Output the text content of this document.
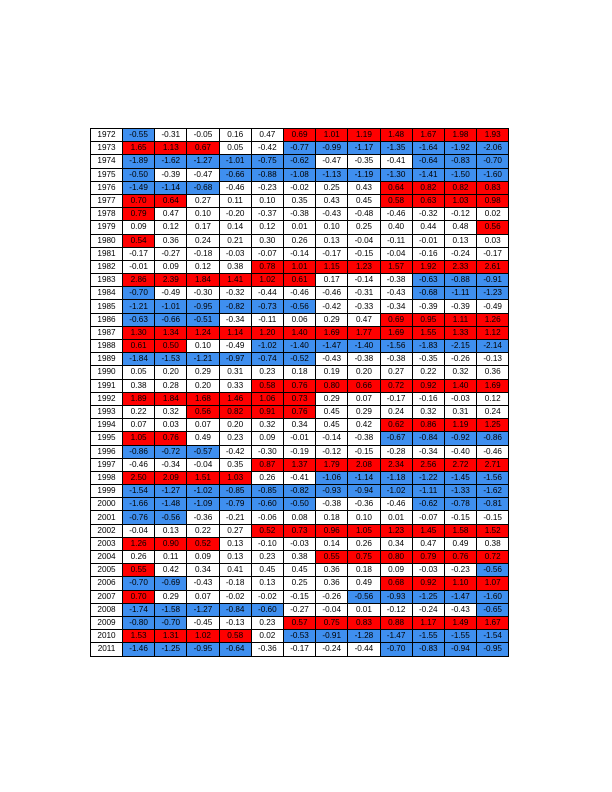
1972	-0.55	-0.31	-0.05	0.16	0.47	0.69	1.01	1.19	1.48	1.67	1.98	1.93
1973	1.65	1.13	0.67	0.05	-0.42	-0.77	-0.99	-1.17	-1.35	-1.64	-1.92	-2.06
1974	-1.89	-1.62	-1.27	-1.01	-0.75	-0.62	-0.47	-0.35	-0.41	-0.64	-0.83	-0.70
1975	-0.50	-0.39	-0.47	-0.66	-0.88	-1.08	-1.13	-1.19	-1.30	-1.41	-1.50	-1.60
1976	-1.49	-1.14	-0.68	-0.46	-0.23	-0.02	0.25	0.43	0.64	0.82	0.82	0.83
1977	0.70	0.64	0.27	0.11	0.10	0.35	0.43	0.45	0.58	0.63	1.03	0.98
1978	0.79	0.47	0.10	-0.20	-0.37	-0.38	-0.43	-0.48	-0.46	-0.32	-0.12	0.02
1979	0.09	0.12	0.17	0.14	0.12	0.01	0.10	0.25	0.40	0.44	0.48	0.56
1980	0.54	0.36	0.24	0.21	0.30	0.26	0.13	-0.04	-0.11	-0.01	0.13	0.03
1981	-0.17	-0.27	-0.18	-0.03	-0.07	-0.14	-0.17	-0.15	-0.04	-0.16	-0.24	-0.17
1982	-0.01	0.09	0.12	0.38	0.78	1.01	1.15	1.23	1.57	1.92	2.33	2.61
1983	2.86	2.39	1.84	1.41	1.02	0.61	0.17	-0.14	-0.38	-0.63	-0.88	-0.91
1984	-0.70	-0.49	-0.30	-0.32	-0.44	-0.46	-0.46	-0.31	-0.43	-0.68	-1.11	-1.23
1985	-1.21	-1.01	-0.95	-0.82	-0.73	-0.56	-0.42	-0.33	-0.34	-0.39	-0.39	-0.49
1986	-0.63	-0.66	-0.51	-0.34	-0.11	0.06	0.29	0.47	0.69	0.95	1.11	1.26
1987	1.30	1.34	1.24	1.14	1.20	1.40	1.69	1.77	1.69	1.55	1.33	1.12
1988	0.61	0.50	0.10	-0.49	-1.02	-1.40	-1.47	-1.40	-1.56	-1.83	-2.15	-2.14
1989	-1.84	-1.53	-1.21	-0.97	-0.74	-0.52	-0.43	-0.38	-0.38	-0.35	-0.26	-0.13
1990	0.05	0.20	0.29	0.31	0.23	0.18	0.19	0.20	0.27	0.22	0.32	0.36
1991	0.38	0.28	0.20	0.33	0.58	0.76	0.80	0.66	0.72	0.92	1.40	1.69
1992	1.89	1.84	1.68	1.46	1.06	0.73	0.29	0.07	-0.17	-0.16	-0.03	0.12
1993	0.22	0.32	0.56	0.82	0.91	0.76	0.45	0.29	0.24	0.32	0.31	0.24
1994	0.07	0.03	0.07	0.20	0.32	0.34	0.45	0.42	0.62	0.86	1.19	1.25
1995	1.05	0.76	0.49	0.23	0.09	-0.01	-0.14	-0.38	-0.67	-0.84	-0.92	-0.86
1996	-0.86	-0.72	-0.57	-0.42	-0.30	-0.19	-0.12	-0.15	-0.28	-0.34	-0.40	-0.46
1997	-0.46	-0.34	-0.04	0.35	0.87	1.37	1.79	2.08	2.34	2.56	2.72	2.71
1998	2.50	2.09	1.51	1.03	0.26	-0.41	-1.06	-1.14	-1.18	-1.22	-1.45	-1.56
1999	-1.54	-1.27	-1.02	-0.85	-0.85	-0.82	-0.93	-0.94	-1.02	-1.11	-1.33	-1.62
2000	-1.66	-1.48	-1.09	-0.79	-0.60	-0.50	-0.38	-0.36	-0.46	-0.62	-0.78	-0.81
2001	-0.76	-0.56	-0.36	-0.21	-0.06	0.08	0.18	0.10	0.01	-0.07	-0.15	-0.15
2002	-0.04	0.13	0.22	0.27	0.52	0.73	0.96	1.05	1.23	1.45	1.58	1.52
2003	1.26	0.90	0.52	0.13	-0.10	-0.03	0.14	0.26	0.34	0.47	0.49	0.38
2004	0.26	0.11	0.09	0.13	0.23	0.38	0.55	0.75	0.80	0.79	0.76	0.72
2005	0.55	0.42	0.34	0.41	0.45	0.45	0.36	0.18	0.09	-0.03	-0.23	-0.56
2006	-0.70	-0.69	-0.43	-0.18	0.13	0.25	0.36	0.49	0.68	0.92	1.10	1.07
2007	0.70	0.29	0.07	-0.02	-0.02	-0.15	-0.26	-0.56	-0.93	-1.25	-1.47	-1.60
2008	-1.74	-1.58	-1.27	-0.84	-0.60	-0.27	-0.04	0.01	-0.12	-0.24	-0.43	-0.65
2009	-0.80	-0.70	-0.45	-0.13	0.23	0.57	0.75	0.83	0.88	1.17	1.49	1.67
2010	1.53	1.31	1.02	0.58	0.02	-0.53	-0.91	-1.28	-1.47	-1.55	-1.55	-1.54
2011	-1.46	-1.25	-0.95	-0.64	-0.36	-0.17	-0.24	-0.44	-0.70	-0.83	-0.94	-0.95
